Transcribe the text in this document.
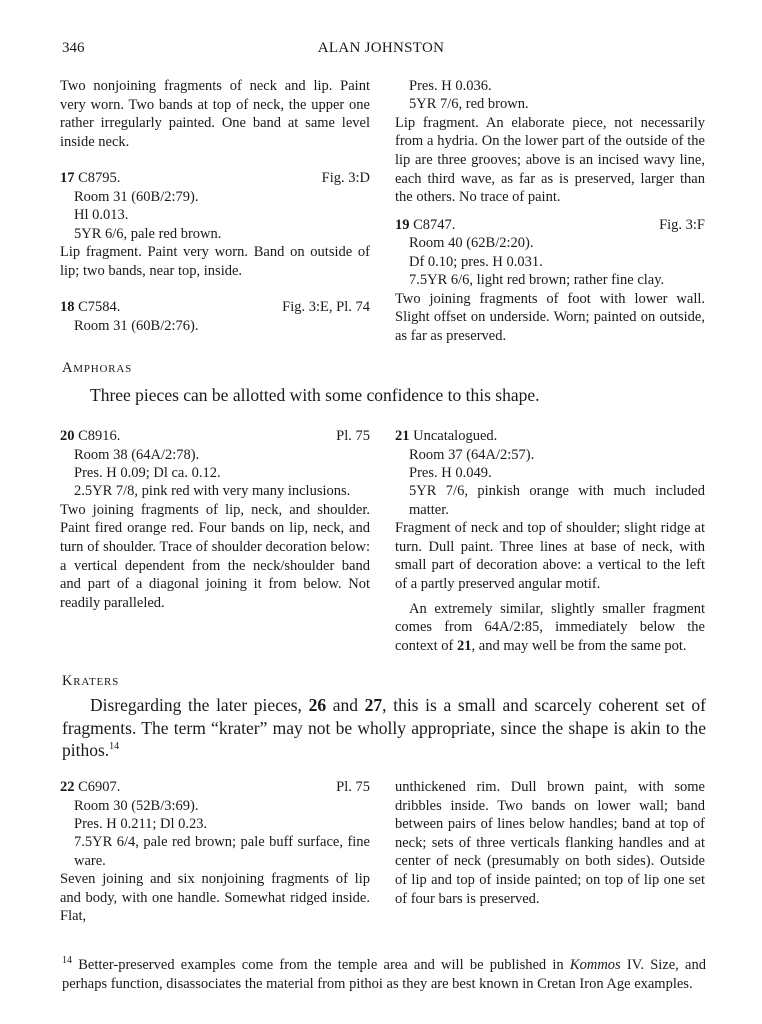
346	ALAN JOHNSTON

Two nonjoining fragments of neck and lip. Paint very worn. Two bands at top of neck, the upper one rather irregularly painted. One band at same level inside neck.

17 C8795.	Fig. 3:D
Room 31 (60B/2:79).
Hl 0.013.
5YR 6/6, pale red brown.

Lip fragment. Paint very worn. Band on outside of lip; two bands, near top, inside.

18 C7584.	Fig. 3:E, Pl. 74
Room 31 (60B/2:76).
Pres. H 0.036.
5YR 7/6, red brown.

Lip fragment. An elaborate piece, not necessarily from a hydria. On the lower part of the outside of the lip are three grooves; above is an incised wavy line, each third wave, as far as is preserved, larger than the others. No trace of paint.

19 C8747.	Fig. 3:F
Room 40 (62B/2:20).
Df 0.10; pres. H 0.031.
7.5YR 6/6, light red brown; rather fine clay.

Two joining fragments of foot with lower wall. Slight offset on underside. Worn; painted on outside, as far as preserved.

AMPHORAS
Three pieces can be allotted with some confidence to this shape.
20 C8916.	Pl. 75
Room 38 (64A/2:78).
Pres. H 0.09; Dl ca. 0.12.
2.5YR 7/8, pink red with very many inclusions.

Two joining fragments of lip, neck, and shoulder. Paint fired orange red. Four bands on lip, neck, and turn of shoulder. Trace of shoulder decoration below: a vertical dependent from the neck/shoulder band and part of a diagonal joining it from below. Not readily paralleled.

21 Uncatalogued.
Room 37 (64A/2:57).
Pres. H 0.049.

5YR 7/6, pinkish orange with much included matter.

Fragment of neck and top of shoulder; slight ridge at turn. Dull paint. Three lines at base of neck, with small part of decoration above: a vertical to the left of a partly preserved angular motif.

An extremely similar, slightly smaller fragment comes from 64A/2:85, immediately below the context of 21, and may well be from the same pot.

KRATERS
Disregarding the later pieces, 26 and 27, this is a small and scarcely coherent set of fragments. The term “krater” may not be wholly appropriate, since the shape is akin to the pithos.$^{14}$
22 C6907.	Pl. 75
Room 30 (52B/3:69).
Pres. H 0.211; Dl 0.23.

7.5YR 6/4, pale red brown; pale buff surface, fine ware.

Seven joining and six nonjoining fragments of lip and body, with one handle. Somewhat ridged inside. Flat,

unthickened rim. Dull brown paint, with some dribbles inside. Two bands on lower wall; band between pairs of lines below handles; band at top of neck; sets of three verticals flanking handles and at center of neck (presumably on both sides). Outside of lip and top of inside painted; on top of lip one set of four bars is preserved.

$^{14}$ Better-preserved examples come from the temple area and will be published in Kommos IV. Size, and perhaps function, disassociates the material from pithoi as they are best known in Cretan Iron Age examples.
